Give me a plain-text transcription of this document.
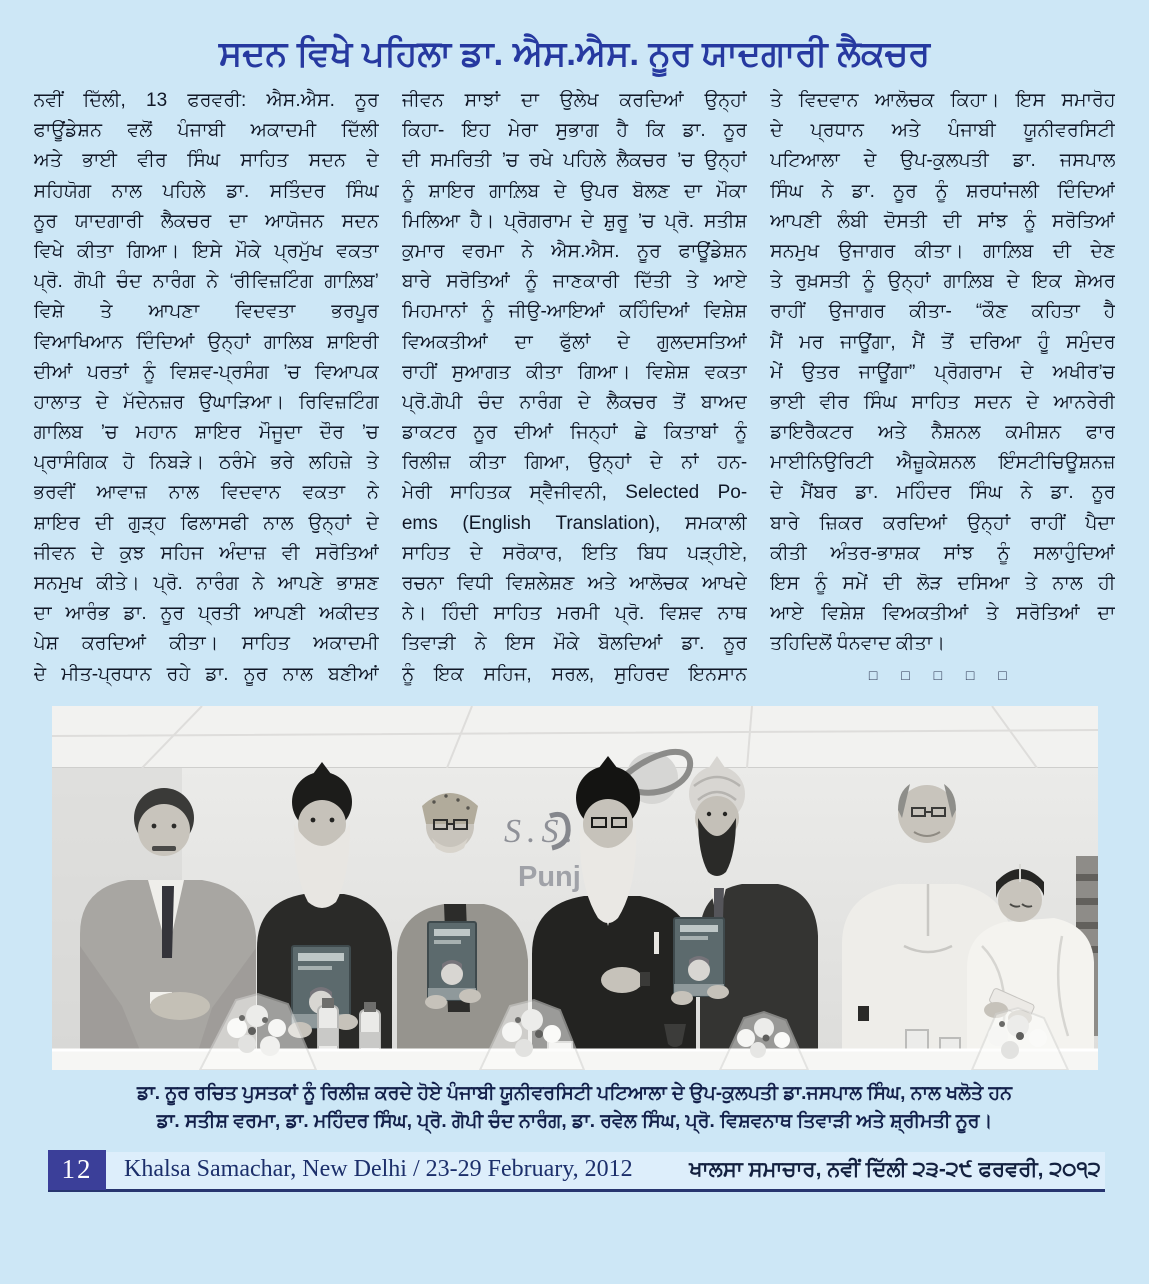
ਸਦਨ ਵਿਖੇ ਪਹਿਲਾ ਡਾ. ਐਸ.ਐਸ. ਨੂਰ ਯਾਦਗਾਰੀ ਲੈਕਚਰ
ਨਵੀਂ ਦਿੱਲੀ, 13 ਫਰਵਰੀ: ਐਸ.ਐਸ. ਨੂਰ
ਫਾਊਂਡੇਸ਼ਨ ਵਲੋਂ ਪੰਜਾਬੀ ਅਕਾਦਮੀ ਦਿੱਲੀ
ਅਤੇ ਭਾਈ ਵੀਰ ਸਿੰਘ ਸਾਹਿਤ ਸਦਨ ਦੇ
ਸਹਿਯੋਗ ਨਾਲ ਪਹਿਲੇ ਡਾ. ਸਤਿੰਦਰ ਸਿੰਘ
ਨੂਰ ਯਾਦਗਾਰੀ ਲੈਕਚਰ ਦਾ ਆਯੋਜਨ ਸਦਨ
ਵਿਖੇ ਕੀਤਾ ਗਿਆ। ਇਸੇ ਮੌਕੇ ਪ੍ਰਮੁੱਖ ਵਕਤਾ
ਪ੍ਰੋ. ਗੋਪੀ ਚੰਦ ਨਾਰੰਗ ਨੇ ‘ਰੀਵਿਜ਼ਟਿੰਗ ਗਾਲ਼ਿਬ’
ਵਿਸ਼ੇ ਤੇ ਆਪਣਾ ਵਿਦਵਤਾ ਭਰਪੂਰ
ਵਿਆਖਿਆਨ ਦਿੰਦਿਆਂ ਉਨ੍ਹਾਂ ਗਾਲਿਬ ਸ਼ਾਇਰੀ
ਦੀਆਂ ਪਰਤਾਂ ਨੂੰ ਵਿਸ਼ਵ-ਪ੍ਰਸੰਗ ’ਚ ਵਿਆਪਕ
ਹਾਲਾਤ ਦੇ ਮੱਦੇਨਜ਼ਰ ਉਘਾੜਿਆ। ਰਿਵਿਜ਼ਟਿੰਗ
ਗਾਲਿਬ ’ਚ ਮਹਾਨ ਸ਼ਾਇਰ ਮੌਜੂਦਾ ਦੌਰ ’ਚ
ਪ੍ਰਾਸੰਗਿਕ ਹੋ ਨਿਬੜੇ। ਠਰੰਮੇ ਭਰੇ ਲਹਿਜ਼ੇ ਤੇ
ਭਰਵੀਂ ਆਵਾਜ਼ ਨਾਲ ਵਿਦਵਾਨ ਵਕਤਾ ਨੇ
ਸ਼ਾਇਰ ਦੀ ਗੁੜ੍ਹ ਫਿਲਾਸਫੀ ਨਾਲ ਉਨ੍ਹਾਂ ਦੇ
ਜੀਵਨ ਦੇ ਕੁਝ ਸਹਿਜ ਅੰਦਾਜ਼ ਵੀ ਸਰੋਤਿਆਂ
ਸਨਮੁਖ ਕੀਤੇ। ਪ੍ਰੋ. ਨਾਰੰਗ ਨੇ ਆਪਣੇ ਭਾਸ਼ਣ
ਦਾ ਆਰੰਭ ਡਾ. ਨੂਰ ਪ੍ਰਤੀ ਆਪਣੀ ਅਕੀਦਤ
ਪੇਸ਼ ਕਰਦਿਆਂ ਕੀਤਾ। ਸਾਹਿਤ ਅਕਾਦਮੀ
ਦੇ ਮੀਤ-ਪ੍ਰਧਾਨ ਰਹੇ ਡਾ. ਨੂਰ ਨਾਲ ਬਣੀਆਂ
ਜੀਵਨ ਸਾਝਾਂ ਦਾ ਉਲੇਖ ਕਰਦਿਆਂ ਉਨ੍ਹਾਂ
ਕਿਹਾ- ਇਹ ਮੇਰਾ ਸੁਭਾਗ ਹੈ ਕਿ ਡਾ. ਨੂਰ
ਦੀ ਸਮਰਿਤੀ ’ਚ ਰਖੇ ਪਹਿਲੇ ਲੈਕਚਰ ’ਚ ਉਨ੍ਹਾਂ
ਨੂੰ ਸ਼ਾਇਰ ਗਾਲ਼ਿਬ ਦੇ ਉਪਰ ਬੋਲਣ ਦਾ ਮੌਕਾ
ਮਿਲਿਆ ਹੈ। ਪ੍ਰੋਗਰਾਮ ਦੇ ਸ਼ੁਰੂ ’ਚ ਪ੍ਰੋ. ਸਤੀਸ਼
ਕੁਮਾਰ ਵਰਮਾ ਨੇ ਐਸ.ਐਸ. ਨੂਰ ਫਾਊਂਡੇਸ਼ਨ
ਬਾਰੇ ਸਰੋਤਿਆਂ ਨੂੰ ਜਾਣਕਾਰੀ ਦਿੱਤੀ ਤੇ ਆਏ
ਮਿਹਮਾਨਾਂ ਨੂੰ ਜੀਉ-ਆਇਆਂ ਕਹਿੰਦਿਆਂ ਵਿਸ਼ੇਸ਼
ਵਿਅਕਤੀਆਂ ਦਾ ਫੁੱਲਾਂ ਦੇ ਗੁਲਦਸਤਿਆਂ
ਰਾਹੀਂ ਸੁਆਗਤ ਕੀਤਾ ਗਿਆ। ਵਿਸ਼ੇਸ਼ ਵਕਤਾ
ਪ੍ਰੋ.ਗੋਪੀ ਚੰਦ ਨਾਰੰਗ ਦੇ ਲੈਕਚਰ ਤੋਂ ਬਾਅਦ
ਡਾਕਟਰ ਨੂਰ ਦੀਆਂ ਜਿਨ੍ਹਾਂ ਛੇ ਕਿਤਾਬਾਂ ਨੂੰ
ਰਿਲੀਜ਼ ਕੀਤਾ ਗਿਆ, ਉਨ੍ਹਾਂ ਦੇ ਨਾਂ ਹਨ-
ਮੇਰੀ ਸਾਹਿਤਕ ਸ੍ਵੈਜੀਵਨੀ, Selected Po-
ems (English Translation), ਸਮਕਾਲੀ
ਸਾਹਿਤ ਦੇ ਸਰੋਕਾਰ, ਇਤਿ ਬਿਧ ਪੜ੍ਹੀਏ,
ਰਚਨਾ ਵਿਧੀ ਵਿਸ਼ਲੇਸ਼ਣ ਅਤੇ ਆਲੋਚਕ ਆਖਦੇ
ਨੇ। ਹਿੰਦੀ ਸਾਹਿਤ ਮਰਮੀ ਪ੍ਰੋ. ਵਿਸ਼ਵ ਨਾਥ
ਤਿਵਾੜੀ ਨੇ ਇਸ ਮੌਕੇ ਬੋਲਦਿਆਂ ਡਾ. ਨੂਰ
ਨੂੰ ਇਕ ਸਹਿਜ, ਸਰਲ, ਸੁਹਿਰਦ ਇਨਸਾਨ
ਤੇ ਵਿਦਵਾਨ ਆਲੋਚਕ ਕਿਹਾ। ਇਸ ਸਮਾਰੋਹ
ਦੇ ਪ੍ਰਧਾਨ ਅਤੇ ਪੰਜਾਬੀ ਯੂਨੀਵਰਸਿਟੀ
ਪਟਿਆਲਾ ਦੇ ਉਪ-ਕੁਲਪਤੀ ਡਾ. ਜਸਪਾਲ
ਸਿੰਘ ਨੇ ਡਾ. ਨੂਰ ਨੂੰ ਸ਼ਰਧਾਂਜਲੀ ਦਿੰਦਿਆਂ
ਆਪਣੀ ਲੰਬੀ ਦੋਸਤੀ ਦੀ ਸਾਂਝ ਨੂੰ ਸਰੋਤਿਆਂ
ਸਨਮੁਖ ਉਜਾਗਰ ਕੀਤਾ। ਗਾਲ਼ਿਬ ਦੀ ਦੇਣ
ਤੇ ਰੁਖ਼ਸਤੀ ਨੂੰ ਉਨ੍ਹਾਂ ਗਾਲ਼ਿਬ ਦੇ ਇਕ ਸ਼ੇਅਰ
ਰਾਹੀਂ ਉਜਾਗਰ ਕੀਤਾ- “ਕੌਣ ਕਹਿਤਾ ਹੈ
ਮੈਂ ਮਰ ਜਾਊਂਗਾ, ਮੈਂ ਤੋਂ ਦਰਿਆ ਹੂੰ ਸਮੁੰਦਰ
ਮੇਂ ਉਤਰ ਜਾਊਂਗਾ” ਪ੍ਰੋਗਰਾਮ ਦੇ ਅਖੀਰ’ਚ
ਭਾਈ ਵੀਰ ਸਿੰਘ ਸਾਹਿਤ ਸਦਨ ਦੇ ਆਨਰੇਰੀ
ਡਾਇਰੈਕਟਰ ਅਤੇ ਨੈਸ਼ਨਲ ਕਮੀਸ਼ਨ ਫਾਰ
ਮਾਈਨਿਉਰਿਟੀ ਐਜ਼ੂਕੇਸ਼ਨਲ ਇੰਸਟੀਚਿਊਸ਼ਨਜ਼
ਦੇ ਮੈਂਬਰ ਡਾ. ਮਹਿੰਦਰ ਸਿੰਘ ਨੇ ਡਾ. ਨੂਰ
ਬਾਰੇ ਜ਼ਿਕਰ ਕਰਦਿਆਂ ਉਨ੍ਹਾਂ ਰਾਹੀਂ ਪੈਦਾ
ਕੀਤੀ ਅੰਤਰ-ਭਾਸ਼ਕ ਸਾਂਝ ਨੂੰ ਸਲਾਹੁੰਦਿਆਂ
ਇਸ ਨੂੰ ਸਮੇਂ ਦੀ ਲੋੜ ਦਸਿਆ ਤੇ ਨਾਲ ਹੀ
ਆਏ ਵਿਸ਼ੇਸ਼ ਵਿਅਕਤੀਆਂ ਤੇ ਸਰੋਤਿਆਂ ਦਾ
ਤਹਿਦਿਲੋਂ ਧੰਨਵਾਦ ਕੀਤਾ।
□ □ □ □ □
S.S.
Punj
ਡਾ. ਨੂਰ ਰਚਿਤ ਪੁਸਤਕਾਂ ਨੂੰ ਰਿਲੀਜ਼ ਕਰਦੇ ਹੋਏ ਪੰਜਾਬੀ ਯੂਨੀਵਰਸਿਟੀ ਪਟਿਆਲਾ ਦੇ ਉਪ-ਕੁਲਪਤੀ ਡਾ.ਜਸਪਾਲ ਸਿੰਘ, ਨਾਲ ਖਲੋਤੇ ਹਨ
ਡਾ. ਸਤੀਸ਼ ਵਰਮਾ, ਡਾ. ਮਹਿੰਦਰ ਸਿੰਘ, ਪ੍ਰੋ. ਗੋਪੀ ਚੰਦ ਨਾਰੰਗ, ਡਾ. ਰਵੇਲ ਸਿੰਘ, ਪ੍ਰੋ. ਵਿਸ਼ਵਨਾਥ ਤਿਵਾੜੀ ਅਤੇ ਸ਼੍ਰੀਮਤੀ ਨੂਰ।
12 Khalsa Samachar, New Delhi / 23-29 February, 2012	ਖਾਲਸਾ ਸਮਾਚਾਰ, ਨਵੀਂ ਦਿੱਲੀ ੨੩-੨੯ ਫਰਵਰੀ, ੨੦੧੨
